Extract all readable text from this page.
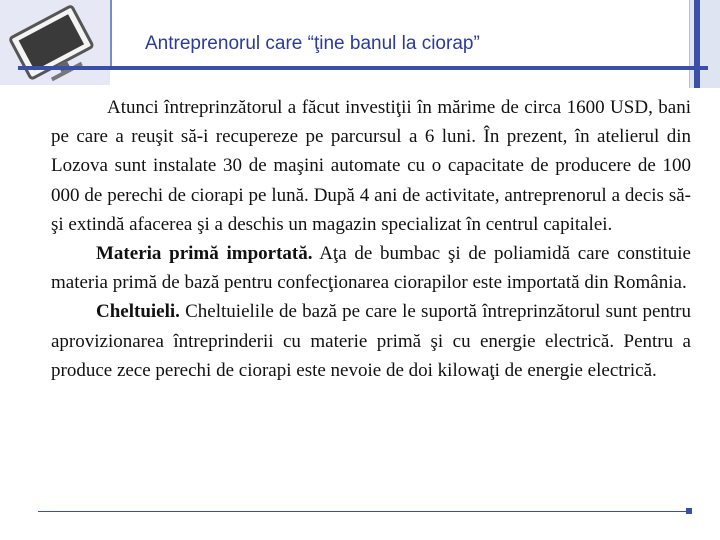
Antreprenorul care “ţine banul la ciorap”

Atunci întreprinzătorul a făcut investiţii în mărime de circa 1600 USD, bani pe care a reuşit să-i recupereze pe parcursul a 6 luni. În prezent, în atelierul din Lozova sunt instalate 30 de maşini automate cu o capacitate de producere de 100 000 de perechi de ciorapi pe lună. După 4 ani de activitate, antreprenorul a decis să-şi extindă afacerea şi a deschis un magazin specializat în centrul capitalei.

Materia primă importată. Aţa de bumbac şi de poliamidă care constituie materia primă de bază pentru confecţionarea ciorapilor este importată din România.

Cheltuieli. Cheltuielile de bază pe care le suportă întreprinzătorul sunt pentru aprovizionarea întreprinderii cu materie primă şi cu energie electrică. Pentru a produce zece perechi de ciorapi este nevoie de doi kilowaţi de energie electrică.
